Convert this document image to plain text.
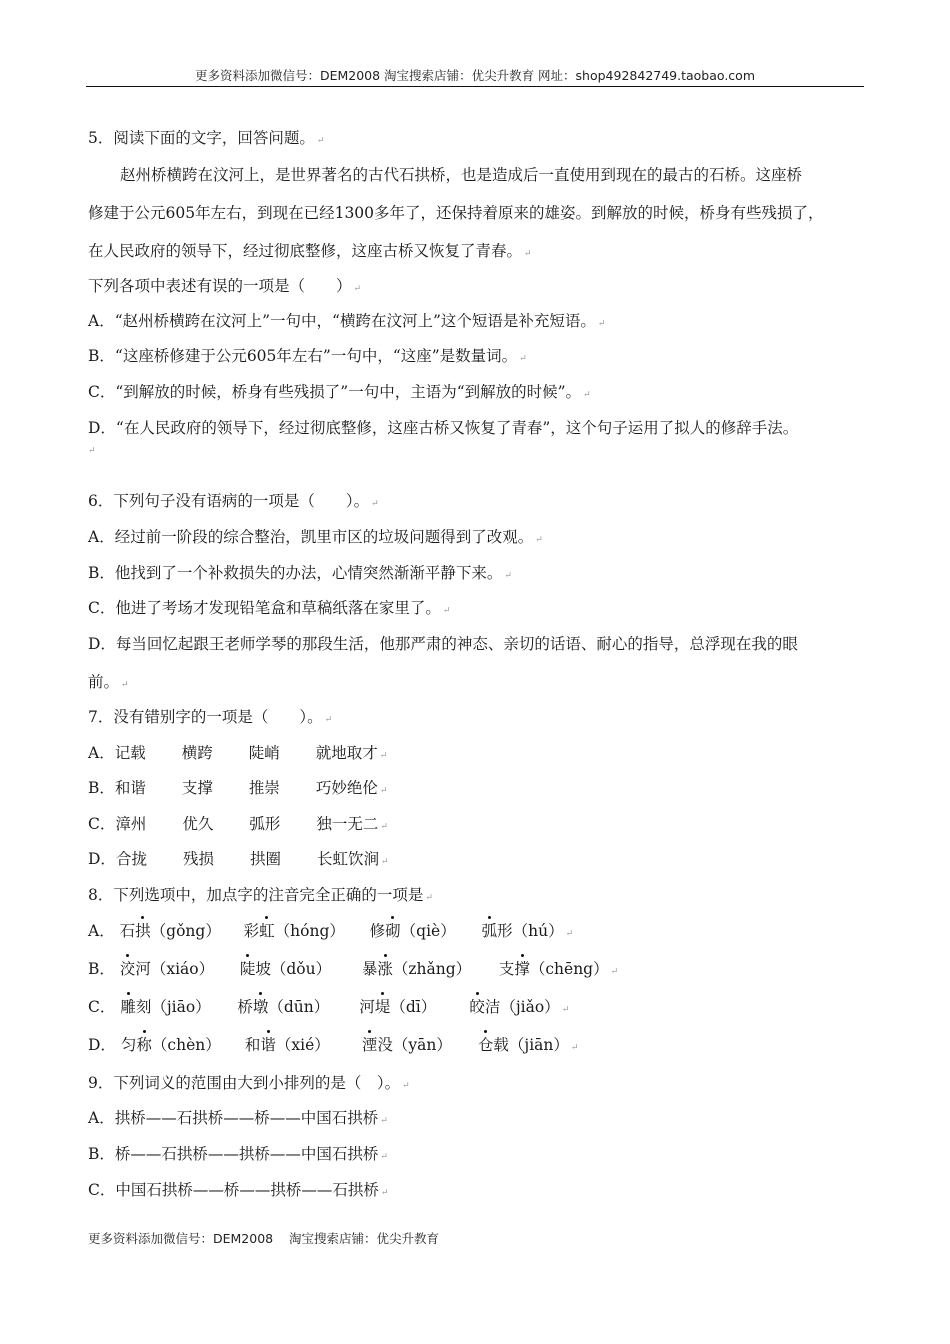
更多资料添加微信号：DEM2008 淘宝搜索店铺：优尖升教育 网址：shop492842749.taobao.com
5．阅读下面的文字，回答问题。 ↵
赵州桥横跨在汶河上，是世界著名的古代石拱桥，也是造成后一直使用到现在的最古的石桥。这座桥
修建于公元605年左右，到现在已经1300多年了，还保持着原来的雄姿。到解放的时候，桥身有些残损了，
在人民政府的领导下，经过彻底整修，这座古桥又恢复了青春。 ↵
下列各项中表述有误的一项是（　　） ↵
A．“赵州桥横跨在汶河上”一句中，“横跨在汶河上”这个短语是补充短语。 ↵
B．“这座桥修建于公元605年左右”一句中，“这座”是数量词。 ↵
C．“到解放的时候，桥身有些残损了”一句中，主语为“到解放的时候”。 ↵
D．“在人民政府的领导下，经过彻底整修，这座古桥又恢复了青春”，这个句子运用了拟人的修辞手法。
↵
6．下列句子没有语病的一项是（　　）。 ↵
A．经过前一阶段的综合整治，凯里市区的垃圾问题得到了改观。 ↵
B．他找到了一个补救损失的办法，心情突然渐渐平静下来。 ↵
C．他进了考场才发现铅笔盒和草稿纸落在家里了。 ↵
D．每当回忆起跟王老师学琴的那段生活，他那严肃的神态、亲切的话语、耐心的指导，总浮现在我的眼
前。 ↵
7．没有错别字的一项是（　　）。 ↵
A．记载 横跨 陡峭 就地取才 ↵
B．和谐 支撑 推崇 巧妙绝伦 ↵
C．漳州 优久 弧形 独一无二 ↵
D．合拢 残损 拱圈 长虹饮涧 ↵
8．下列选项中，加点字的注音完全正确的一项是 ↵
A． 石拱（gǒng） 彩虹（hóng） 修砌（qiè） 弧形（hú） ↵
B． 洨河（xiáo） 陡坡（dǒu） 暴涨（zhǎng） 支撑（chēng） ↵
C． 雕刻（jiāo） 桥墩（dūn） 河堤（dī） 皎洁（jiǎo） ↵
D． 匀称（chèn） 和谐（xié） 湮没（yān） 仓载（jiān） ↵
9．下列词义的范围由大到小排列的是（　）。 ↵
A．拱桥——石拱桥——桥——中国石拱桥 ↵
B．桥——石拱桥——拱桥——中国石拱桥 ↵
C．中国石拱桥——桥——拱桥——石拱桥 ↵
更多资料添加微信号：DEM2008    淘宝搜索店铺：优尖升教育
